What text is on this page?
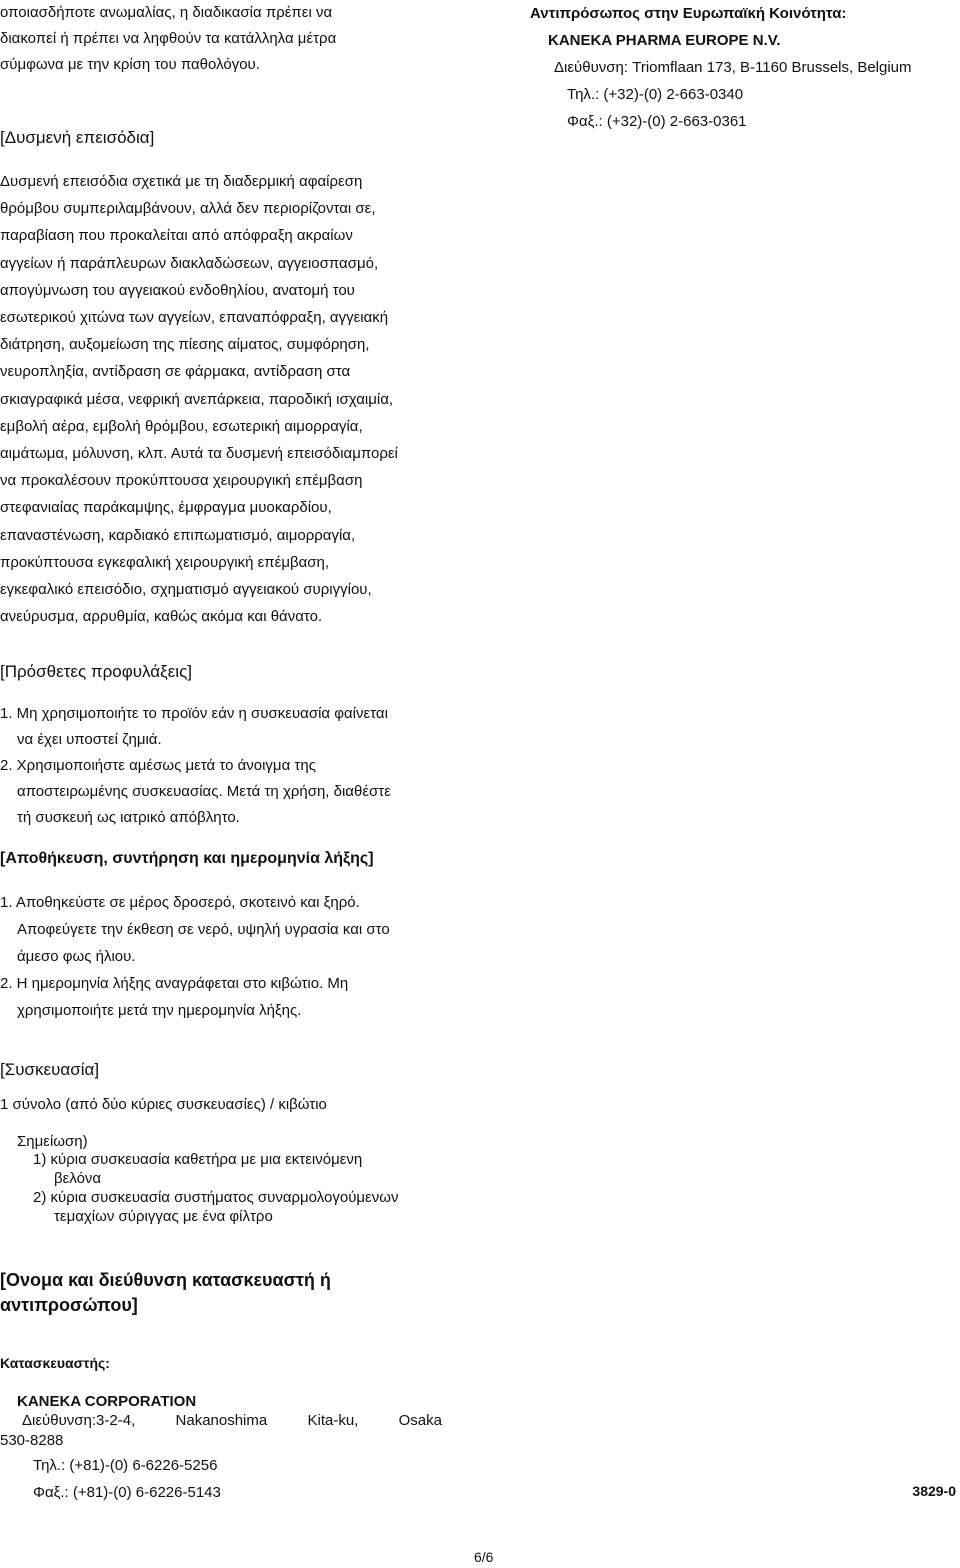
οποιασδήποτε ανωμαλίας, η διαδικασία πρέπει να
διακοπεί ή πρέπει να ληφθούν τα κατάλληλα μέτρα
σύμφωνα με την κρίση του παθολόγου.
Αντιπρόσωπος στην Ευρωπαϊκή Κοινότητα:
KANEKA PHARMA EUROPE N.V.
Διεύθυνση: Triomflaan 173, B-1160 Brussels, Belgium
Τηλ.: (+32)-(0) 2-663-0340
Φαξ.: (+32)-(0) 2-663-0361
[Δυσμενή επεισόδια]
Δυσμενή επεισόδια σχετικά με τη διαδερμική αφαίρεση
θρόμβου συμπεριλαμβάνουν, αλλά δεν περιορίζονται σε,
παραβίαση που προκαλείται από απόφραξη ακραίων
αγγείων ή παράπλευρων διακλαδώσεων, αγγειοσπασμό,
απογύμνωση του αγγειακού ενδοθηλίου, ανατομή του
εσωτερικού χιτώνα των αγγείων, επαναπόφραξη, αγγειακή
διάτρηση, αυξομείωση της πίεσης αίματος, συμφόρηση,
νευροπληξία, αντίδραση σε φάρμακα, αντίδραση στα
σκιαγραφικά μέσα, νεφρική ανεπάρκεια, παροδική ισχαιμία,
εμβολή αέρα, εμβολή θρόμβου, εσωτερική αιμορραγία,
αιμάτωμα, μόλυνση, κλπ. Αυτά τα δυσμενή επεισόδιαμπορεί
να προκαλέσουν προκύπτουσα χειρουργική επέμβαση
στεφανιαίας παράκαμψης, έμφραγμα μυοκαρδίου,
επαναστένωση, καρδιακό επιπωματισμό, αιμορραγία,
προκύπτουσα εγκεφαλική χειρουργική επέμβαση,
εγκεφαλικό επεισόδιο, σχηματισμό αγγειακού συριγγίου,
ανεύρυσμα, αρρυθμία, καθώς ακόμα και θάνατο.
[Πρόσθετες προφυλάξεις]
1. Μη χρησιμοποιήτε το προϊόν εάν η συσκευασία φαίνεται
να έχει υποστεί ζημιά.
2. Χρησιμοποιήστε αμέσως μετά το άνοιγμα της
αποστειρωμένης συσκευασίας. Μετά τη χρήση, διαθέστε
τή συσκευή ως ιατρικό απόβλητο.
[Αποθήκευση, συντήρηση και ημερομηνία λήξης]
1. Αποθηκεύστε σε μέρος δροσερό, σκοτεινό και ξηρό.
Αποφεύγετε την έκθεση σε νερό, υψηλή υγρασία και στο
άμεσο φως ήλιου.
2. Η ημερομηνία λήξης αναγράφεται στο κιβώτιο. Μη
χρησιμοποιήτε μετά την ημερομηνία λήξης.
[Συσκευασία]
1 σύνολο (από δύο κύριες συσκευασίες) / κιβώτιο
Σημείωση)
1) κύρια συσκευασία καθετήρα με μια εκτεινόμενη
βελόνα
2) κύρια συσκευασία συστήματος συναρμολογούμενων
τεμαχίων σύριγγας με ένα φίλτρο
[Ονομα και διεύθυνση κατασκευαστή ή
αντιπροσώπου]
Κατασκευαστής:
KANEKA CORPORATION
Διεύθυνση:3-2-4,	Nakanoshima	Kita-ku,	Osaka
530-8288
Τηλ.: (+81)-(0) 6-6226-5256
Φαξ.: (+81)-(0) 6-6226-5143	3829-0
6/6
